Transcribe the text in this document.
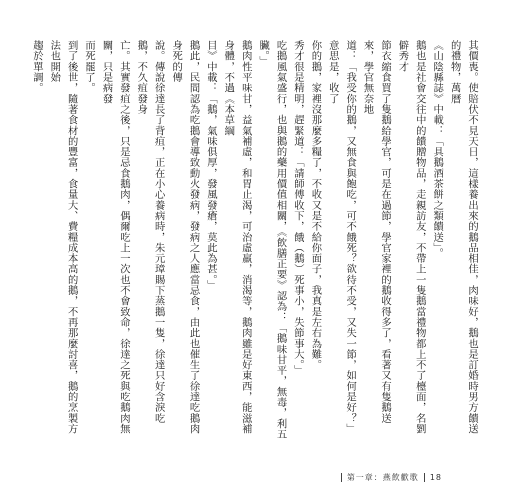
其價喪。使賠伏不見天日，這樣養出來的鵝品相佳，肉味好，鵝也是訂婚時男方饋送的禮物，萬曆

《山陰縣誌》中載：「具鵝酒茶餅之類饋送」。

鵝也是社會交往中的饋贈物品，走親訪友，不帶上一隻鵝當禮物都上不了檯面，名劉僻秀才

節衣縮食買了隻鵝給學官，可是在過節，學官家裡的鵝收得多了，看著又有隻鵝送來，學官無奈地

道：「我受你的鵝，又無食與飽吃，可不餓死？欲待不受，又失一節，如何是好？」意思是，收了

你的鵝，家裡沒那麼多糧了，不收又是不給你面子，我真是左右為難。

秀才很是精明，趕緊道：「請師傅收下，餓（鵝）死事小，失節事大。」

吃鵝風氣盛行，也與鵝的藥用價值相關，《飲膳正要》認為：「鵝味甘平，無毒，利五臟。」

鵝肉性平味甘，益氣補虛，和胃止渴，可治虛羸，消渴等，鵝肉雖是好東西，能滋補身體，不過《本草綱

目》中載：「鵝，氣味俱厚，發風發瘡，莫此為甚。」

鵝此，民間認為吃鵝會導致動火發病，發病之人應當忌食，由此也催生了徐達吃鵝肉身死的傳

說。傳說徐達長了背疽，正在小心養病時，朱元璋賜下蒸鵝一隻，徐達只好含淚吃鵝，不久疽發身

亡。其實發疽之後，只是忌食鵝肉，偶爾吃上一次也不會致命，徐達之死與吃鵝肉無關，只是病發

而死罷了。

到了後世，隨著食材的豐富，食量大、費糧成本高的鵝，不再那麼討喜，鵝的烹製方法也開始

趨於單調。

第一章：燕飲歡歌 18
